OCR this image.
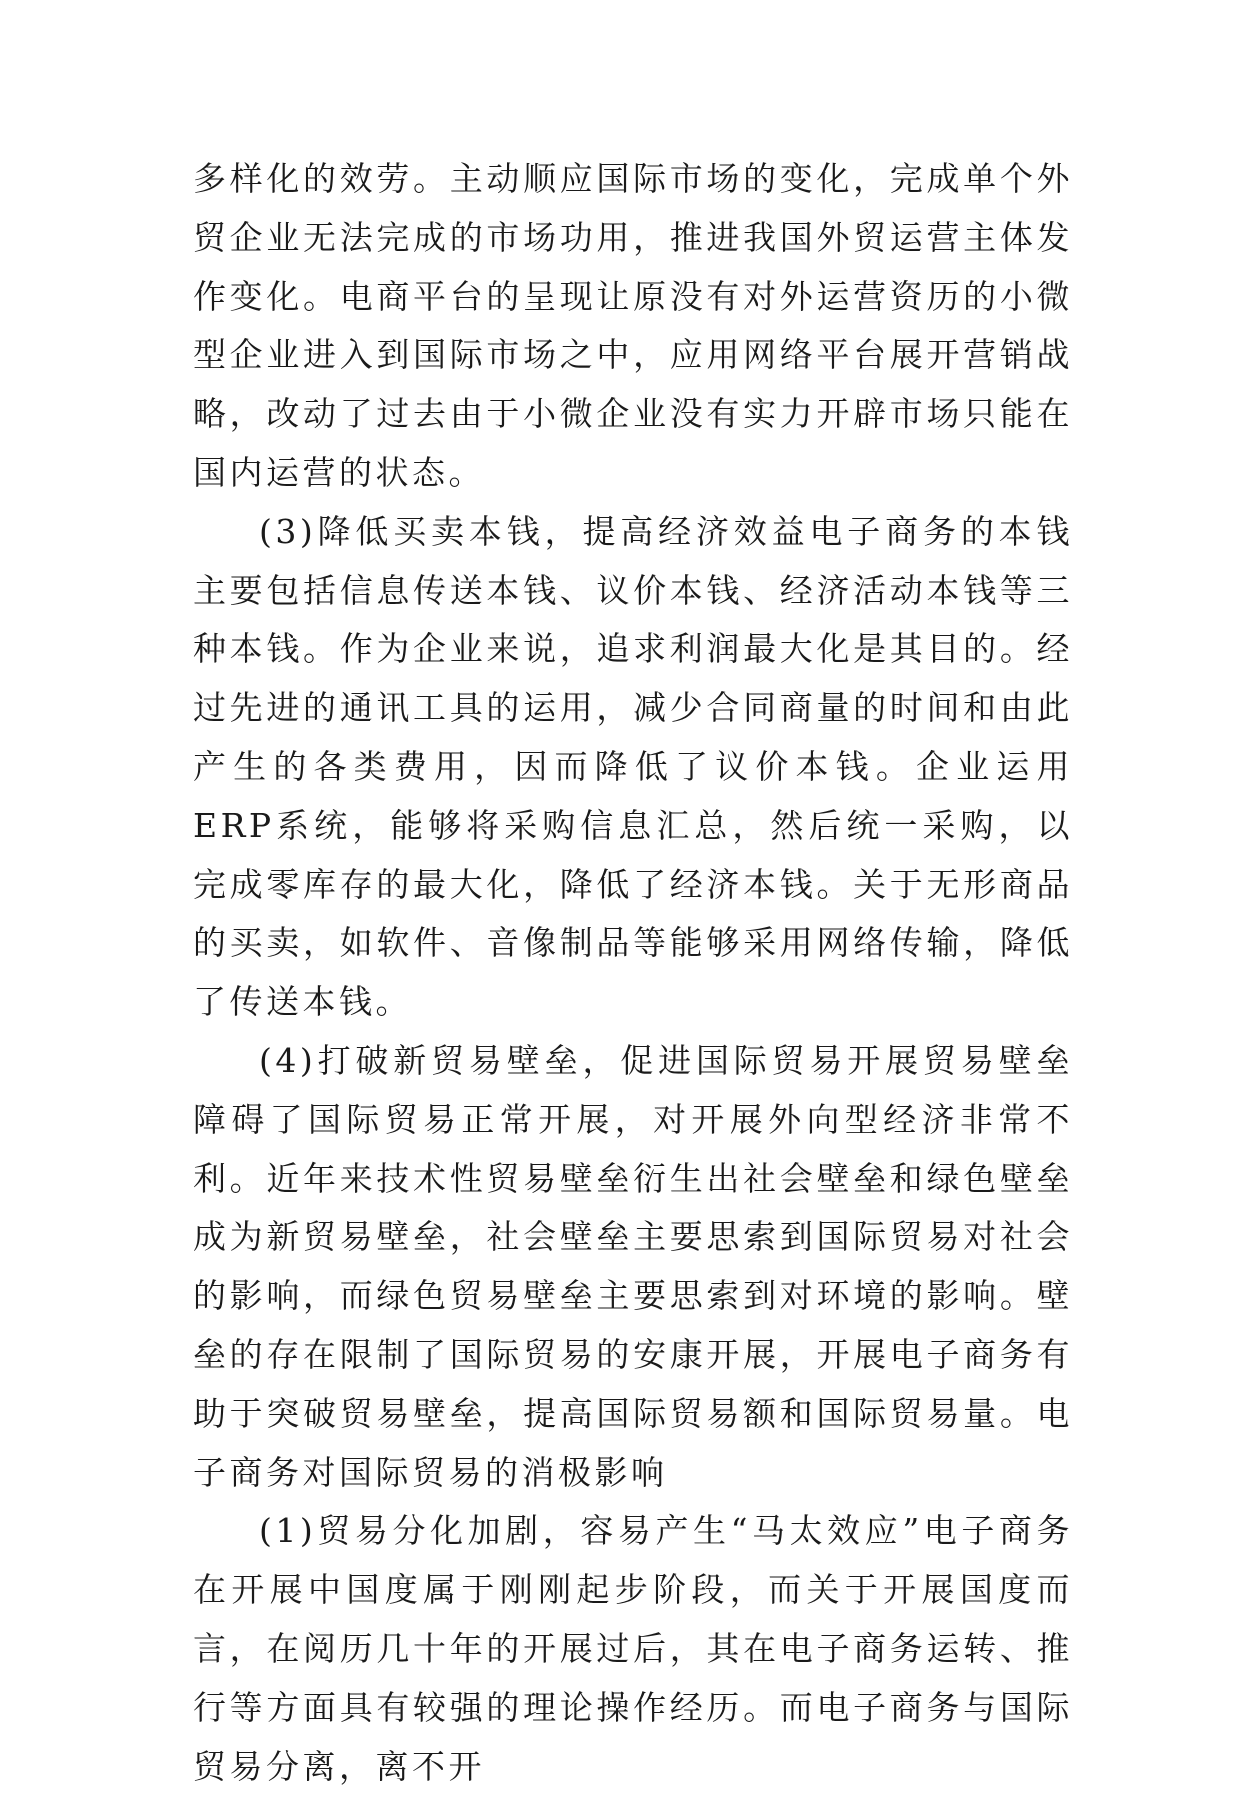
多样化的效劳。主动顺应国际市场的变化，完成单个外贸企业无法完成的市场功用，推进我国外贸运营主体发作变化。电商平台的呈现让原没有对外运营资历的小微型企业进入到国际市场之中，应用网络平台展开营销战略，改动了过去由于小微企业没有实力开辟市场只能在国内运营的状态。

(3)降低买卖本钱，提高经济效益电子商务的本钱主要包括信息传送本钱、议价本钱、经济活动本钱等三种本钱。作为企业来说，追求利润最大化是其目的。经过先进的通讯工具的运用，减少合同商量的时间和由此产生的各类费用，因而降低了议价本钱。企业运用ERP系统，能够将采购信息汇总，然后统一采购，以完成零库存的最大化，降低了经济本钱。关于无形商品的买卖，如软件、音像制品等能够采用网络传输，降低了传送本钱。

(4)打破新贸易壁垒，促进国际贸易开展贸易壁垒障碍了国际贸易正常开展，对开展外向型经济非常不利。近年来技术性贸易壁垒衍生出社会壁垒和绿色壁垒成为新贸易壁垒，社会壁垒主要思索到国际贸易对社会的影响，而绿色贸易壁垒主要思索到对环境的影响。壁垒的存在限制了国际贸易的安康开展，开展电子商务有助于突破贸易壁垒，提高国际贸易额和国际贸易量。电子商务对国际贸易的消极影响

(1)贸易分化加剧，容易产生“马太效应”电子商务在开展中国度属于刚刚起步阶段，而关于开展国度而言，在阅历几十年的开展过后，其在电子商务运转、推行等方面具有较强的理论操作经历。而电子商务与国际贸易分离，离不开
